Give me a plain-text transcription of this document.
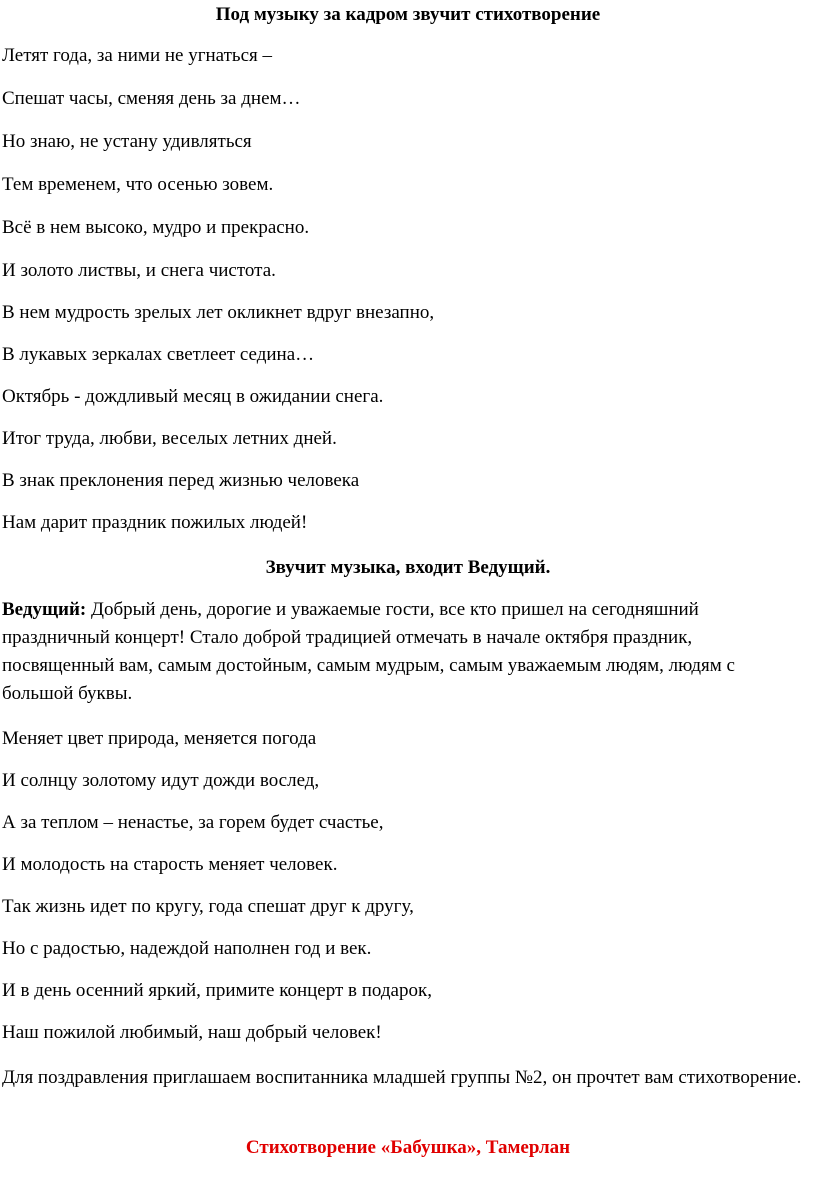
Под музыку за кадром звучит стихотворение

Летят года, за ними не угнаться –

Спешат часы, сменяя день за днем…

Но знаю, не устану удивляться

Тем временем, что осенью зовем.

Всё в нем высоко, мудро и прекрасно.

И золото листвы, и снега чистота.

В нем мудрость зрелых лет окликнет вдруг внезапно,

В лукавых зеркалах светлеет седина…

Октябрь - дождливый месяц в ожидании снега.

Итог труда, любви, веселых летних дней.

В знак преклонения перед жизнью человека

Нам дарит праздник пожилых людей!

Звучит музыка, входит Ведущий.

Ведущий: Добрый день, дорогие и уважаемые гости, все кто пришел на сегодняшний праздничный концерт! Стало доброй традицией отмечать в начале октября праздник, посвященный вам, самым достойным, самым мудрым, самым уважаемым людям, людям с большой буквы.

Меняет цвет природа, меняется погода

И солнцу золотому идут дожди вослед,

А за теплом – ненастье, за горем будет счастье,

И молодость на старость меняет человек.

Так жизнь идет по кругу, года спешат друг к другу,

Но с радостью, надеждой наполнен год и век.

И в день осенний яркий, примите концерт в подарок,

Наш пожилой любимый, наш добрый человек!

Для поздравления приглашаем воспитанника младшей группы №2, он прочтет вам стихотворение.

Стихотворение «Бабушка», Тамерлан
